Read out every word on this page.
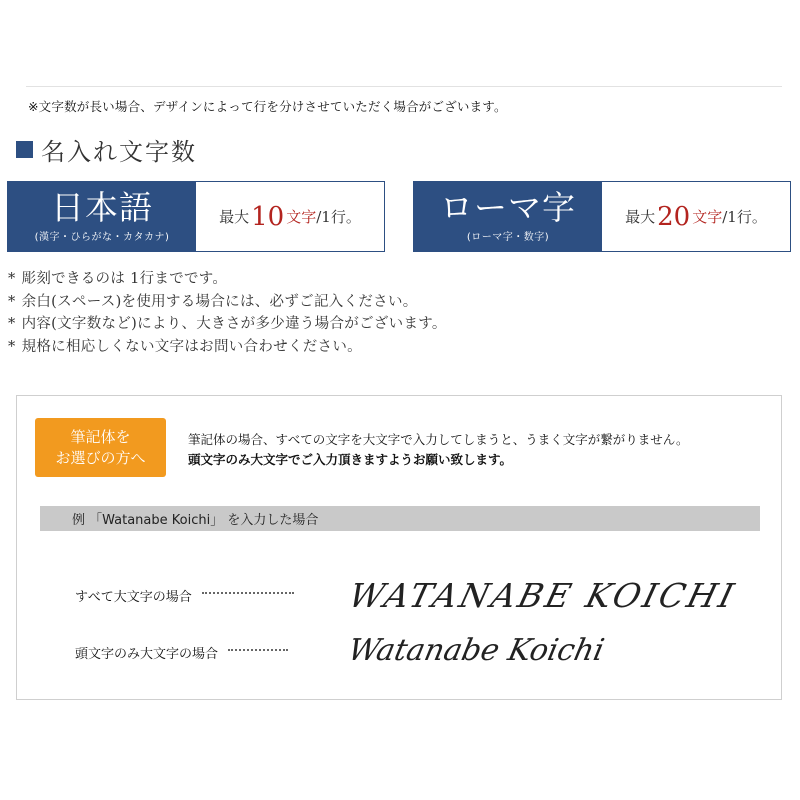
※文字数が長い場合、デザインによって行を分けさせていただく場合がございます。
名入れ文字数
日本語
(漢字・ひらがな・カタカナ)
最大 10 文字 /1行。 ローマ字
(ローマ字・数字)
最大 20 文字 /1行。
* 彫刻できるのは 1行までです。
* 余白(スペース)を使用する場合には、必ずご記入ください。
* 内容(文字数など)により、大きさが多少違う場合がございます。
* 規格に相応しくない文字はお問い合わせください。
筆記体を
お選びの方へ
筆記体の場合、すべての文字を大文字で入力してしまうと、うまく文字が繋がりません。
頭文字のみ大文字でご入力頂きますようお願い致します。
例 「Watanabe Koichi」 を入力した場合
すべて大文字の場合	WATANABE KOICHI
頭文字のみ大文字の場合	Watanabe Koichi
